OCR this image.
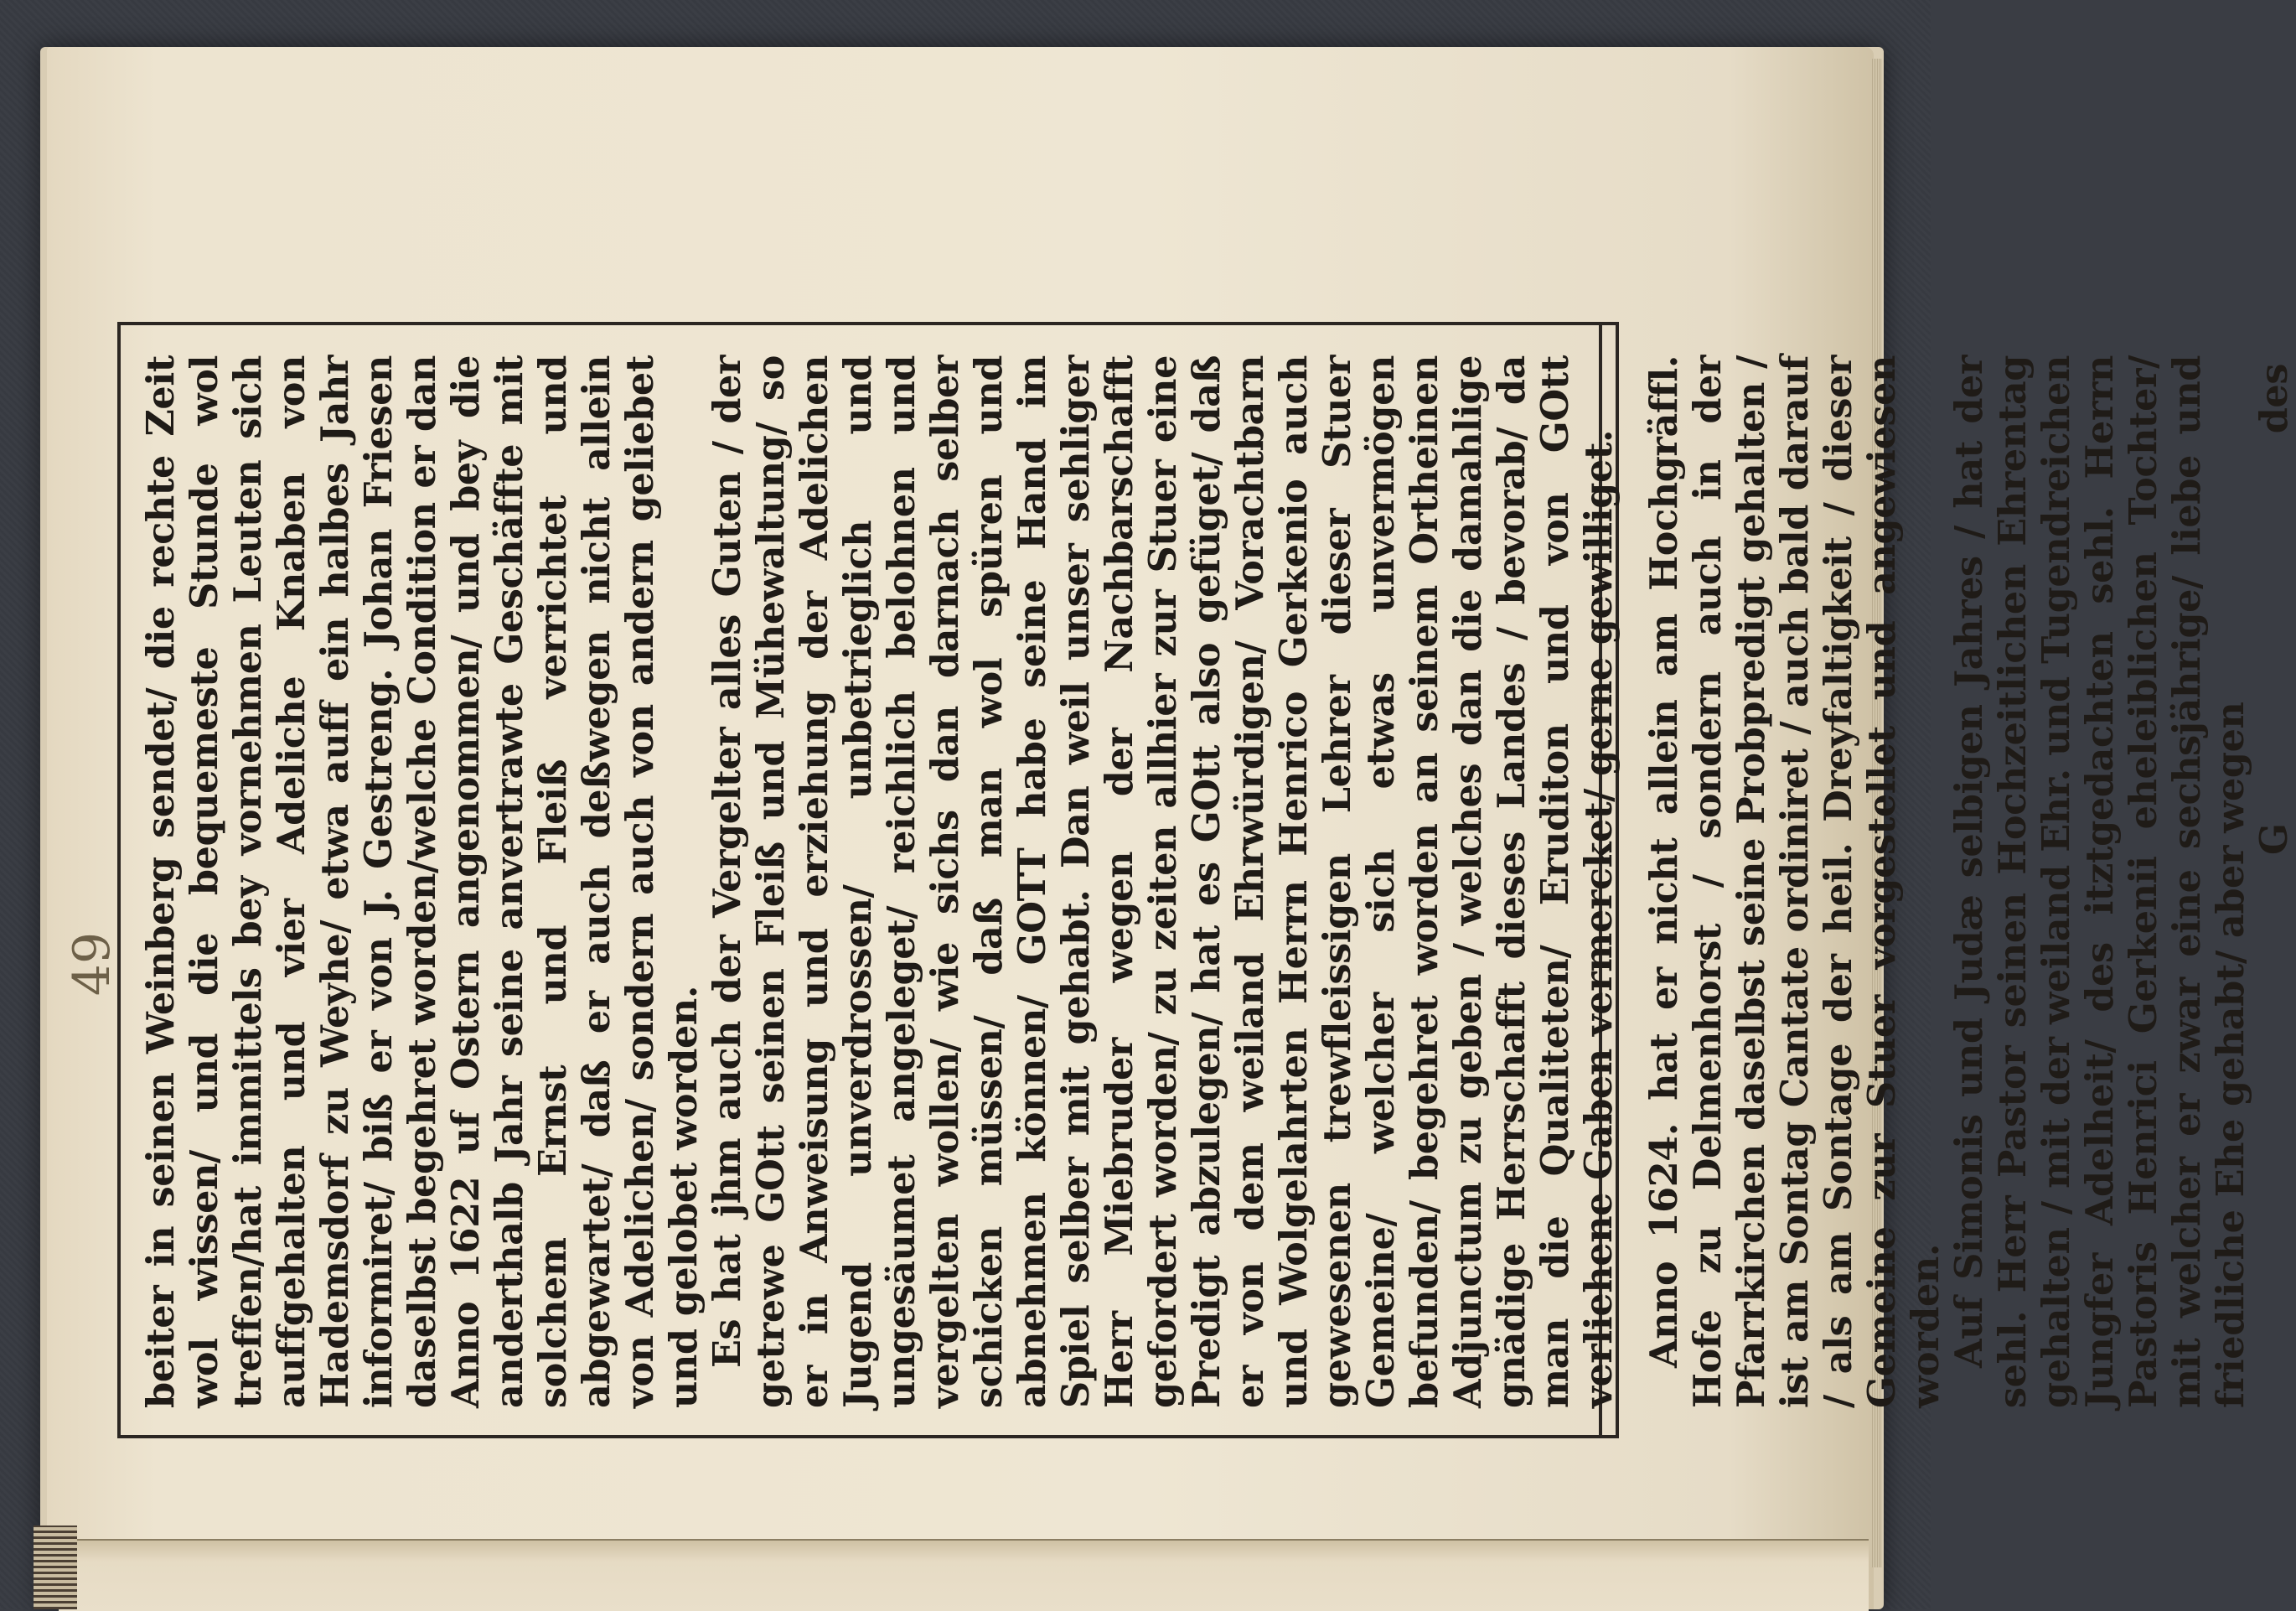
49 beiter in seinen Weinberg sendet/ die rechte Zeit wol wissen/ und die bequemeste Stunde wol treffen/hat immittels bey vornehmen Leuten sich auffgehalten und vier Adeliche Knaben von Hademsdorf zu Weyhe/ etwa auff ein halbes Jahr informiret/ biß er von J. Gestreng. Johan Friesen daselbst begehret worden/welche Condition er dan Anno 1622 uf Ostern angenommen/ und bey die anderthalb Jahr seine anvertrawte Geschäffte mit solchem Ernst und Fleiß verrichtet und abgewartet/ daß er auch deßwegen nicht allein von Adelichen/ sondern auch von andern geliebet und gelobet worden. Es hat jhm auch der Vergelter alles Guten / der getrewe GOtt seinen Fleiß und Mühewaltung/ so er in Anweisung und erziehung der Adelichen Jugend unverdrossen/ unbetrieglich und ungesäumet angeleget/ reichlich belohnen und vergelten wollen/ wie sichs dan darnach selber schicken müssen/ daß man wol spüren und abnehmen können/ GOTT habe seine Hand im Spiel selber mit gehabt. Dan weil unser sehliger Herr Miebruder wegen der Nachbarschafft gefordert worden/ zu zeiten allhier zur Stuer eine Predigt abzulegen/ hat es GOtt also gefüget/ daß er von dem weiland Ehrwürdigen/ Vorachtbarn und Wolgelahrten Herrn Henrico Gerkenio auch gewesenen trewfleissigen Lehrer dieser Stuer Gemeine/ welcher sich etwas unvermögen befunden/ begehret worden an seinem Ortheinen Adjunctum zu geben / welches dan die damahlige gnädige Herrschafft dieses Landes / bevorab/ da man die Qualiteten/ Eruditon und von GOtt verliehene Gaben vermercket/ gerne gewilliget. Anno 1624. hat er nicht allein am Hochgräffl. Hofe zu Delmenhorst / sondern auch in der Pfarrkirchen daselbst seine Probpredigt gehalten / ist am Sontag Cantate ordiniret / auch bald darauf / als am Sontage der heil. Dreyfaltigkeit / dieser Gemeine zur Stuer vorgestellet und angewiesen worden. Auf Simonis und Judæ selbigen Jahres / hat der sehl. Herr Pastor seinen Hochzeitlichen Ehrentag gehalten / mit der weiland Ehr. und Tugendreichen Jungfer Adelheit/ des itztgedachten sehl. Herrn Pastoris Henrici Gerkenii eheleiblichen Tochter/ mit welcher er zwar eine sechsjährige/ liebe und friedliche Ehe gehabt/ aber wegen G
des
